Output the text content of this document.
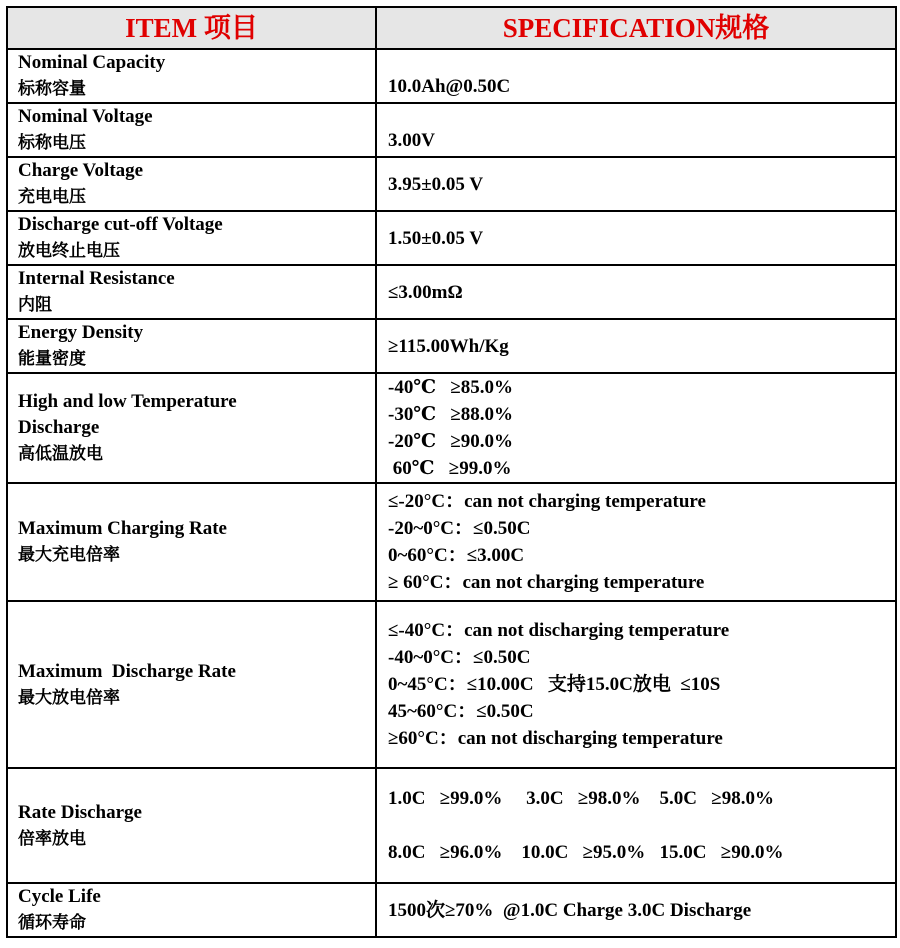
ITEM 项目	SPECIFICATION规格

Nominal Capacity
标称容量	10.0Ah@0.50C

Nominal Voltage
标称电压	3.00V

Charge Voltage
充电电压	3.95±0.05 V

Discharge cut-off Voltage
放电终止电压	1.50±0.05 V

Internal Resistance
内阻	≤3.00mΩ

Energy Density
能量密度	≥115.00Wh/Kg

High and low Temperature Discharge
高低温放电	-40℃   ≥85.0%
-30℃   ≥88.0%
-20℃   ≥90.0%
60℃   ≥99.0%

Maximum Charging Rate
最大充电倍率	≤-20°C：can not charging temperature
-20~0°C：≤0.50C
0~60°C：≤3.00C
≥ 60°C：can not charging temperature

Maximum  Discharge Rate
最大放电倍率	≤-40°C：can not discharging temperature
-40~0°C：≤0.50C
0~45°C：≤10.00C   支持15.0C放电  ≤10S
45~60°C：≤0.50C
≥60°C：can not discharging temperature

Rate Discharge
倍率放电	1.0C   ≥99.0%     3.0C   ≥98.0%    5.0C   ≥98.0%
8.0C   ≥96.0%    10.0C   ≥95.0%   15.0C   ≥90.0%

Cycle Life
循环寿命	1500次≥70%  @1.0C Charge 3.0C Discharge
